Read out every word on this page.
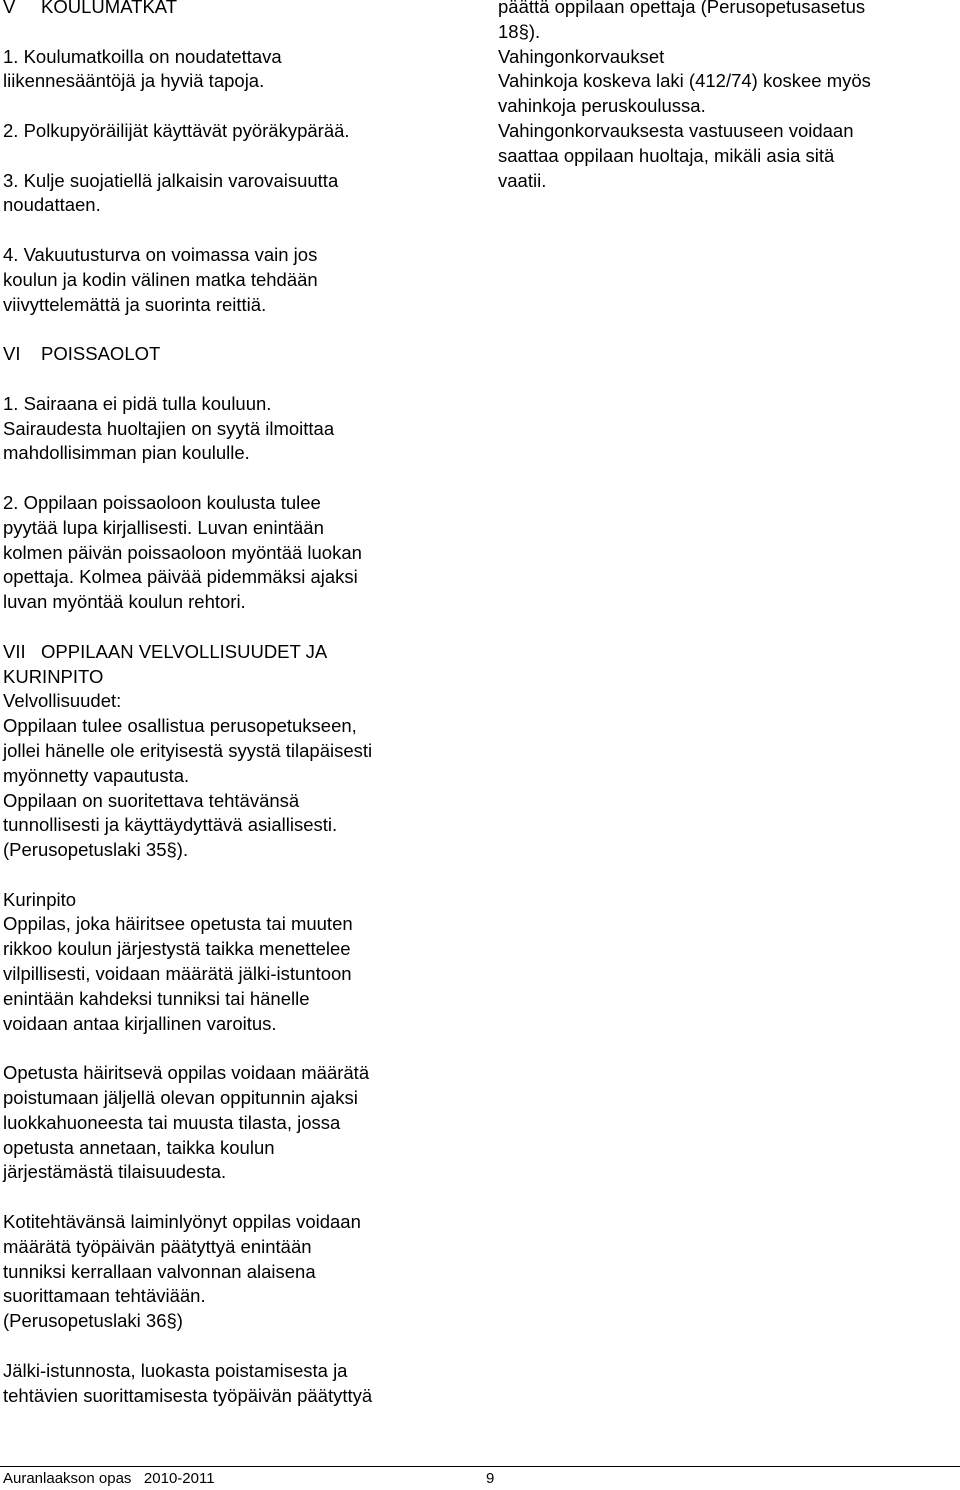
V     KOULUMATKAT
1. Koulumatkoilla on noudatettava
liikennesääntöjä ja hyviä tapoja.
2. Polkupyöräilijät käyttävät pyöräkypärää.
3. Kulje suojatiellä jalkaisin varovaisuutta
noudattaen.
4. Vakuutusturva on voimassa vain jos
koulun ja kodin välinen matka tehdään
viivyttelemättä ja suorinta reittiä.
VI    POISSAOLOT
1. Sairaana ei pidä tulla kouluun.
Sairaudesta huoltajien on syytä ilmoittaa
mahdollisimman pian koululle.
2. Oppilaan poissaoloon koulusta tulee
pyytää lupa kirjallisesti. Luvan enintään
kolmen päivän poissaoloon myöntää luokan
opettaja. Kolmea päivää pidemmäksi ajaksi
luvan myöntää koulun rehtori.
VII   OPPILAAN VELVOLLISUUDET JA
KURINPITO
Velvollisuudet:
Oppilaan tulee osallistua perusopetukseen,
jollei hänelle ole erityisestä syystä tilapäisesti
myönnetty vapautusta.
Oppilaan on suoritettava tehtävänsä
tunnollisesti ja käyttäydyttävä asiallisesti.
(Perusopetuslaki 35§).
Kurinpito
Oppilas, joka häiritsee opetusta tai muuten
rikkoo koulun järjestystä taikka menettelee
vilpillisesti, voidaan määrätä jälki-istuntoon
enintään kahdeksi tunniksi tai hänelle
voidaan antaa kirjallinen varoitus.
Opetusta häiritsevä oppilas voidaan määrätä
poistumaan jäljellä olevan oppitunnin ajaksi
luokkahuoneesta tai muusta tilasta, jossa
opetusta annetaan, taikka koulun
järjestämästä tilaisuudesta.
Kotitehtävänsä laiminlyönyt oppilas voidaan
määrätä työpäivän päätyttyä enintään
tunniksi kerrallaan valvonnan alaisena
suorittamaan tehtäviään.
(Perusopetuslaki 36§)
Jälki-istunnosta, luokasta poistamisesta ja
tehtävien suorittamisesta työpäivän päätyttyä
päättä oppilaan opettaja (Perusopetusasetus
18§).
Vahingonkorvaukset
Vahinkoja koskeva laki (412/74) koskee myös
vahinkoja peruskoulussa.
Vahingonkorvauksesta vastuuseen voidaan
saattaa oppilaan huoltaja, mikäli asia sitä
vaatii.
Auranlaakson opas   2010-2011	9
